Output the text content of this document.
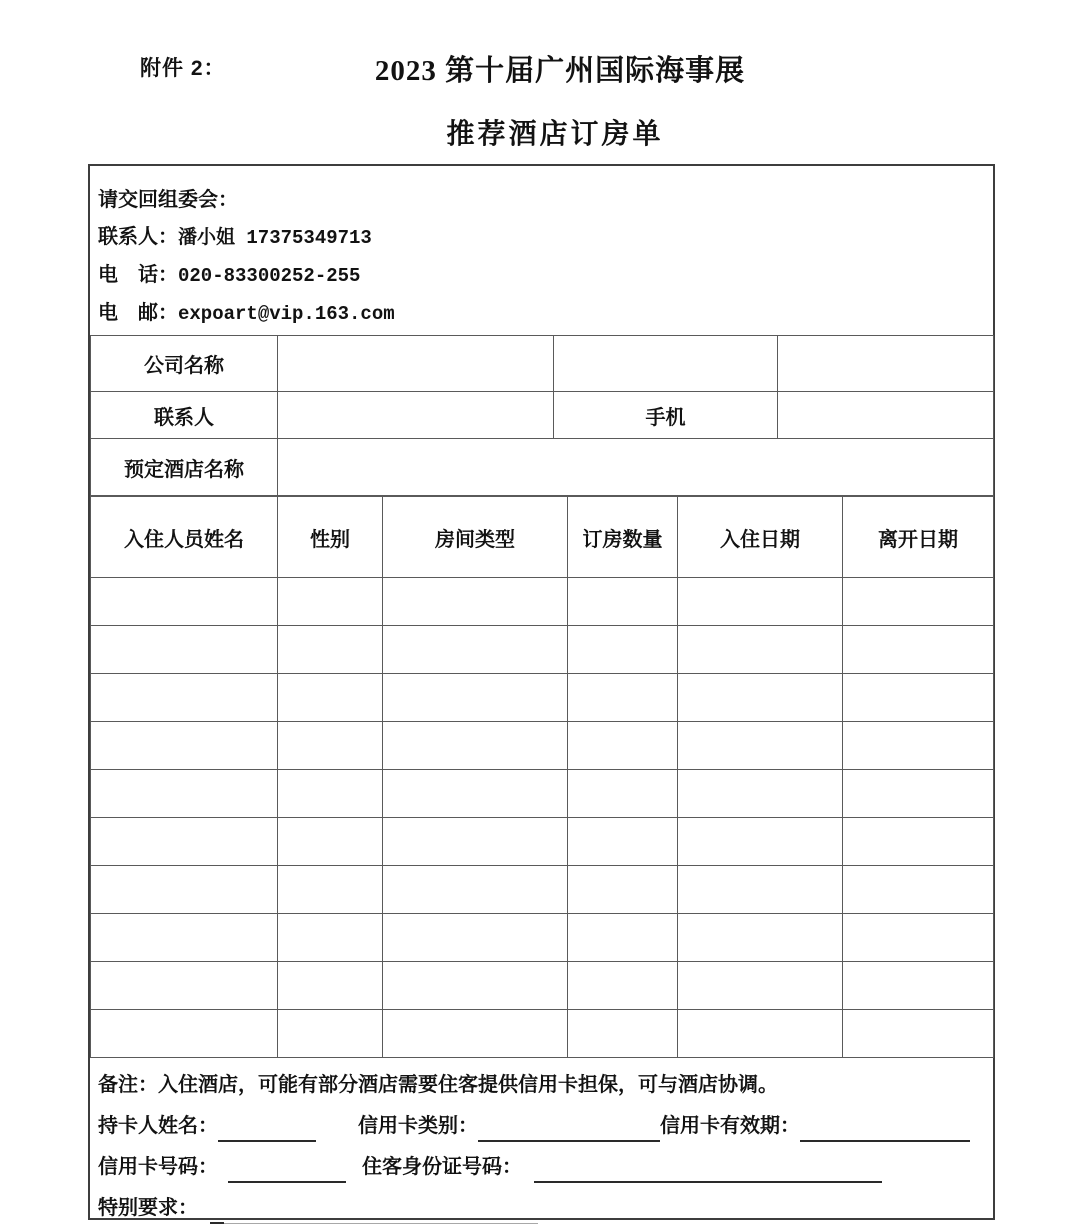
附件 2：	2023 第十届广州国际海事展
推荐酒店订房单
请交回组委会：
联系人：潘小姐 17375349713
电　话：020-83300252-255
电　邮：expoart@vip.163.com
公司名称			
联系人		手机	
预定酒店名称			
入住人员姓名	性别	房间类型	订房数量	入住日期	离开日期

备注：入住酒店，可能有部分酒店需要住客提供信用卡担保，可与酒店协调。
持卡人姓名：	信用卡类别：	信用卡有效期：
信用卡号码：	住客身份证号码：
特别要求：
